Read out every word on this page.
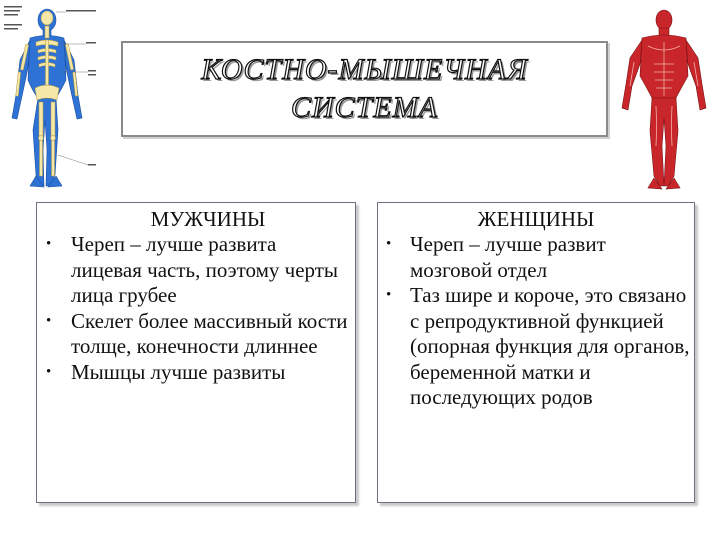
КОСТНО-МЫШЕЧНАЯ
СИСТЕМА
МУЖЧИНЫ
• Череп – лучше развита лицевая часть, поэтому черты лица грубее
• Скелет более массивный кости толще, конечности длиннее
• Мышцы лучше развиты
ЖЕНЩИНЫ
• Череп – лучше развит мозговой отдел
• Таз шире и короче, это связано с репродуктивной функцией (опорная функция для органов, беременной матки и последующих родов
